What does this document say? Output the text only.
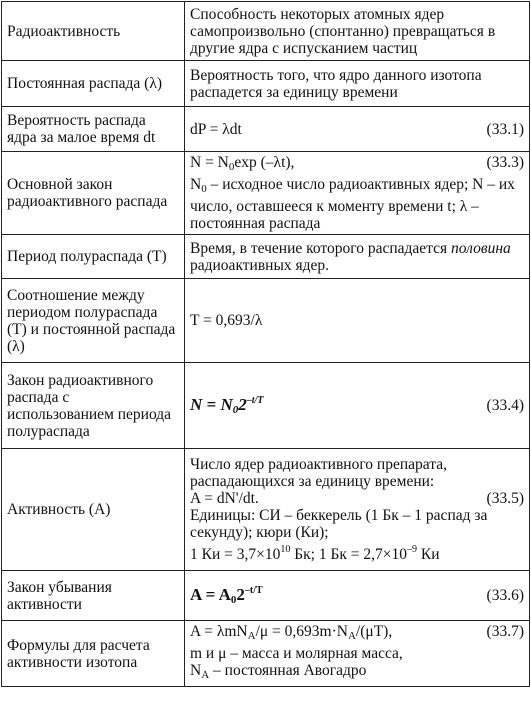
Радиоактивность	Способность некоторых атомных ядер самопроизвольно (спонтанно) превращаться в другие ядра с испусканием частиц
Постоянная распада (λ)	Вероятность того, что ядро данного изотопа распадется за единицу времени
Вероятность распада ядра за малое время dt	dP = λdt (33.1)

Основной закон радиоактивного распада	$N = N_0\exp$ (–λt), (33.3)
$N_0$ – исходное число радиоактивных ядер; N – их число, оставшееся к моменту времени t; λ – постоянная распада

Период полураспада (T)	Время, в течение которого распадается половина радиоактивных ядер.
Соотношение между периодом полураспада (T) и постоянной распада (λ)	T = 0,693/λ
Закон радиоактивного распада с использованием периода полураспада	$N = N_02^{-t/T}$ (33.4)

Активность (A)	Число ядер радиоактивного препарата, распадающихся за единицу времени:
A = dN'/dt. (33.5)
Единицы: СИ – беккерель (1 Бк – 1 распад за секунду); кюри (Ки);
1 Ки = $3,7\times 10^{10}$ Бк; 1 Бк = $2,7\times 10^{-9}$ Ки

Закон убывания активности	$A = A_02^{-t/T}$ (33.6)

Формулы для расчета активности изотопа	$A = \lambda mN_A/\mu = 0,693m\cdot N_A/(\mu T)$, (33.7)
m и μ – масса и молярная масса,
$N_A$ – постоянная Авогадро
